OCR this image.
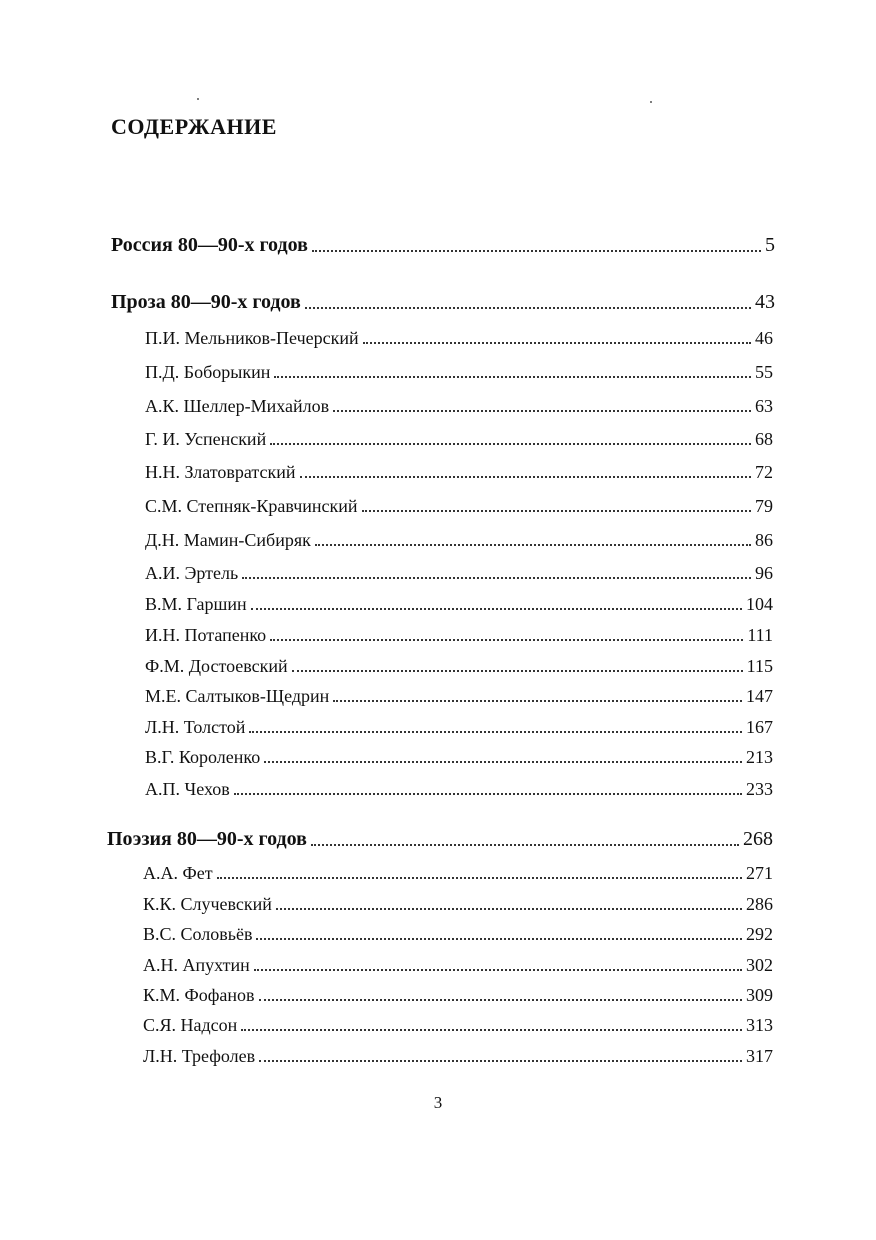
СОДЕРЖАНИЕ
Россия 80—90-х годов	5
Проза 80—90-х годов	43
П.И. Мельников-Печерский	46
П.Д. Боборыкин	55
А.К. Шеллер-Михайлов	63
Г. И. Успенский	68
Н.Н. Златовратский	72
С.М. Степняк-Кравчинский	79
Д.Н. Мамин-Сибиряк	86
А.И. Эртель	96
В.М. Гаршин	104
И.Н. Потапенко	111
Ф.М. Достоевский	115
М.Е. Салтыков-Щедрин	147
Л.Н. Толстой	167
В.Г. Короленко	213
А.П. Чехов	233
Поэзия 80—90-х годов	268
А.А. Фет	271
К.К. Случевский	286
В.С. Соловьёв	292
А.Н. Апухтин	302
К.М. Фофанов	309
С.Я. Надсон	313
Л.Н. Трефолев	317
3
